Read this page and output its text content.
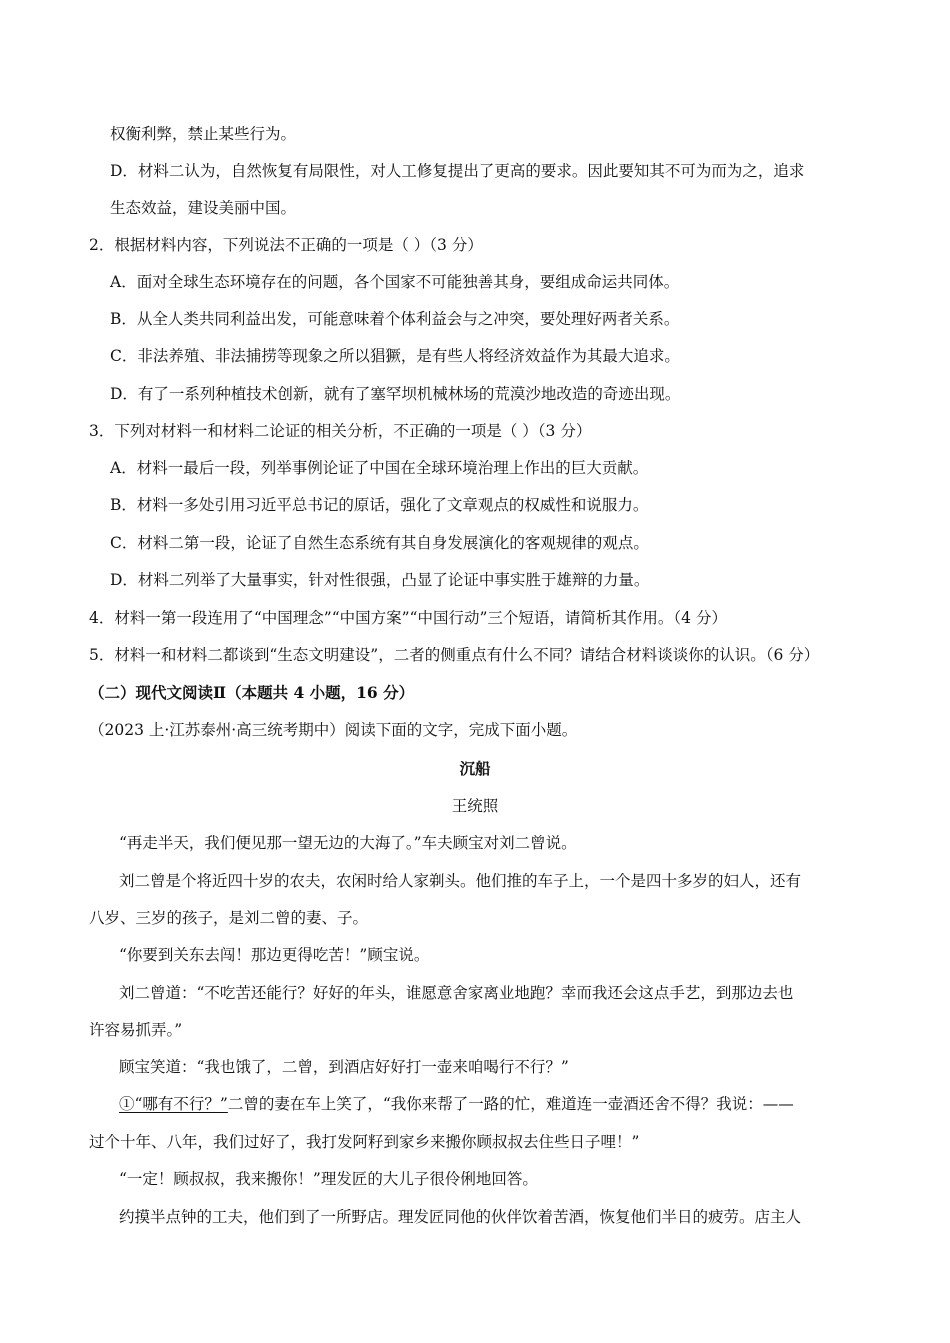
权衡利弊，禁止某些行为。
D．材料二认为，自然恢复有局限性，对人工修复提出了更高的要求。因此要知其不可为而为之，追求
生态效益，建设美丽中国。
2．根据材料内容，下列说法不正确的一项是（ ）（3 分）
A．面对全球生态环境存在的问题，各个国家不可能独善其身，要组成命运共同体。
B．从全人类共同利益出发，可能意味着个体利益会与之冲突，要处理好两者关系。
C．非法养殖、非法捕捞等现象之所以猖獗，是有些人将经济效益作为其最大追求。
D．有了一系列种植技术创新，就有了塞罕坝机械林场的荒漠沙地改造的奇迹出现。
3．下列对材料一和材料二论证的相关分析，不正确的一项是（ ）（3 分）
A．材料一最后一段，列举事例论证了中国在全球环境治理上作出的巨大贡献。
B．材料一多处引用习近平总书记的原话，强化了文章观点的权威性和说服力。
C．材料二第一段，论证了自然生态系统有其自身发展演化的客观规律的观点。
D．材料二列举了大量事实，针对性很强，凸显了论证中事实胜于雄辩的力量。
4．材料一第一段连用了“中国理念”“中国方案”“中国行动”三个短语，请简析其作用。（4 分）
5．材料一和材料二都谈到“生态文明建设”，二者的侧重点有什么不同？请结合材料谈谈你的认识。（6 分）
（二）现代文阅读Ⅱ（本题共 4 小题，16 分）
（2023 上·江苏泰州·高三统考期中）阅读下面的文字，完成下面小题。
沉船
王统照
“再走半天，我们便见那一望无边的大海了。”车夫顾宝对刘二曾说。
刘二曾是个将近四十岁的农夫，农闲时给人家剃头。他们推的车子上，一个是四十多岁的妇人，还有
八岁、三岁的孩子，是刘二曾的妻、子。
“你要到关东去闯！那边更得吃苦！”顾宝说。
刘二曾道：“不吃苦还能行？好好的年头，谁愿意舍家离业地跑？幸而我还会这点手艺，到那边去也
许容易抓弄。”
顾宝笑道：“我也饿了，二曾，到酒店好好打一壶来咱喝行不行？”
①“哪有不行？”二曾的妻在车上笑了，“我你来帮了一路的忙，难道连一壶酒还舍不得？我说：——
过个十年、八年，我们过好了，我打发阿籽到家乡来搬你顾叔叔去住些日子哩！”
“一定！顾叔叔，我来搬你！”理发匠的大儿子很伶俐地回答。
约摸半点钟的工夫，他们到了一所野店。理发匠同他的伙伴饮着苦酒，恢复他们半日的疲劳。店主人
